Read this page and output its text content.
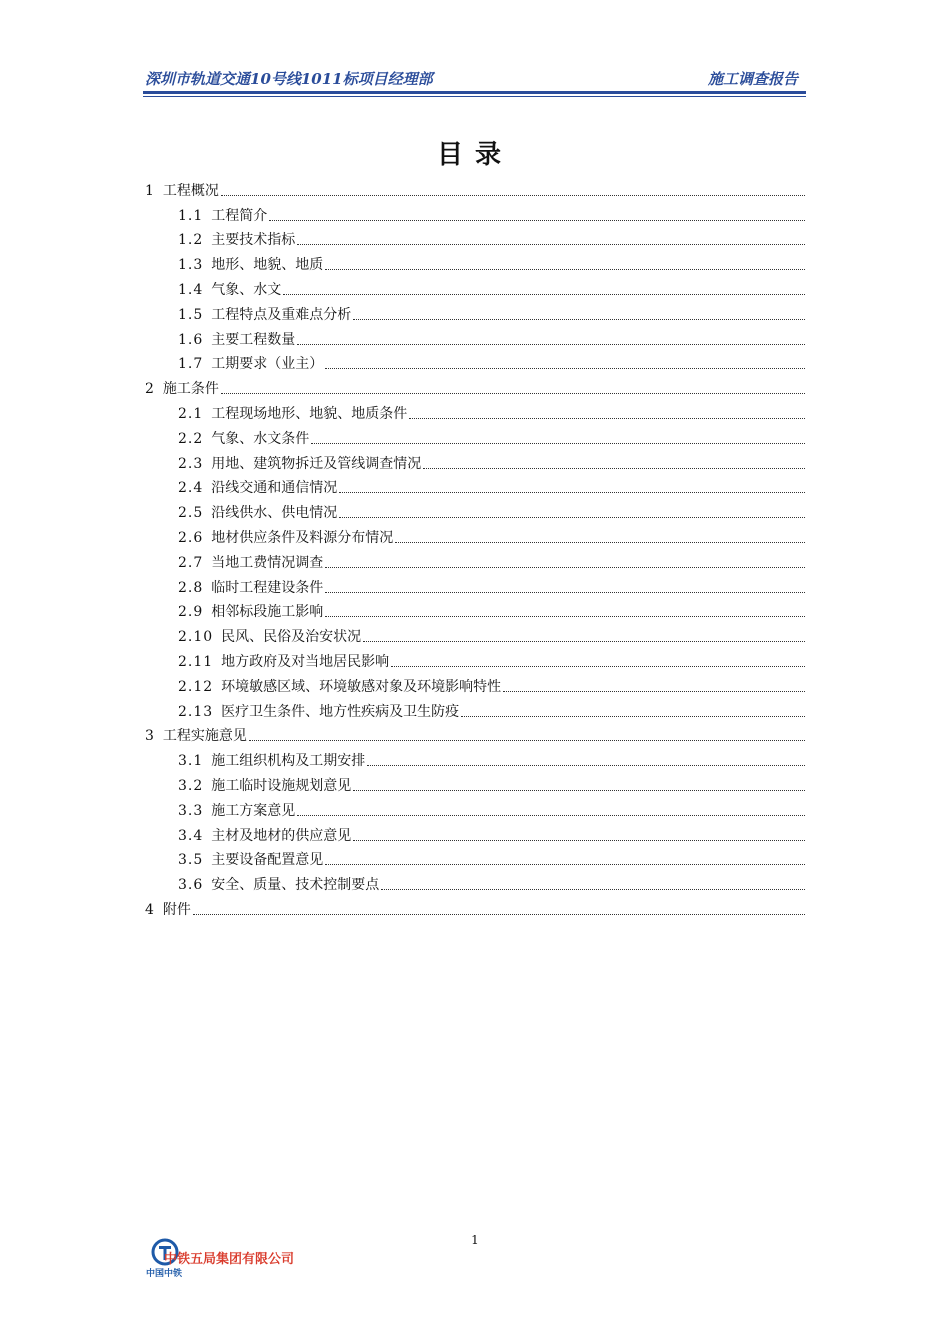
深圳市轨道交通10号线1011标项目经理部	施工调查报告
目录
1 工程概况
1.1 工程简介
1.2 主要技术指标
1.3 地形、地貌、地质
1.4 气象、水文
1.5 工程特点及重难点分析
1.6 主要工程数量
1.7 工期要求（业主）
2 施工条件
2.1 工程现场地形、地貌、地质条件
2.2 气象、水文条件
2.3 用地、建筑物拆迁及管线调查情况
2.4 沿线交通和通信情况
2.5 沿线供水、供电情况
2.6 地材供应条件及料源分布情况
2.7 当地工费情况调查
2.8 临时工程建设条件
2.9 相邻标段施工影响
2.10 民风、民俗及治安状况
2.11 地方政府及对当地居民影响
2.12 环境敏感区域、环境敏感对象及环境影响特性
2.13 医疗卫生条件、地方性疾病及卫生防疫
3 工程实施意见
3.1 施工组织机构及工期安排
3.2 施工临时设施规划意见
3.3 施工方案意见
3.4 主材及地材的供应意见
3.5 主要设备配置意见
3.6 安全、质量、技术控制要点
4 附件
1
中铁五局集团有限公司
中国中铁
